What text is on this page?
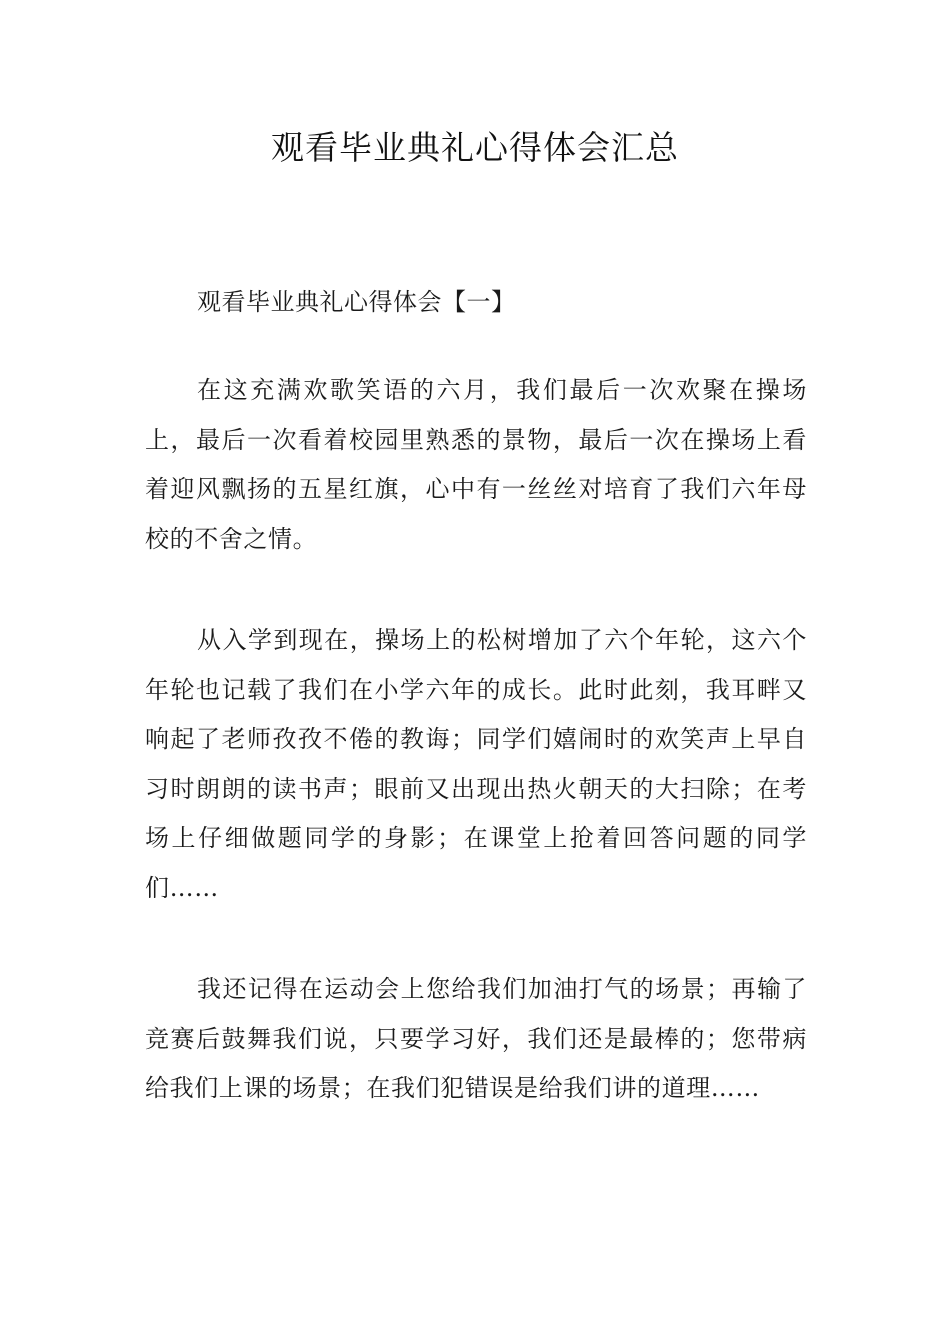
观看毕业典礼心得体会汇总

观看毕业典礼心得体会【一】

在这充满欢歌笑语的六月，我们最后一次欢聚在操场上，最后一次看着校园里熟悉的景物，最后一次在操场上看着迎风飘扬的五星红旗，心中有一丝丝对培育了我们六年母校的不舍之情。

从入学到现在，操场上的松树增加了六个年轮，这六个年轮也记载了我们在小学六年的成长。此时此刻，我耳畔又响起了老师孜孜不倦的教诲；同学们嬉闹时的欢笑声上早自习时朗朗的读书声；眼前又出现出热火朝天的大扫除；在考场上仔细做题同学的身影；在课堂上抢着回答问题的同学们……

我还记得在运动会上您给我们加油打气的场景；再输了竞赛后鼓舞我们说，只要学习好，我们还是最棒的；您带病给我们上课的场景；在我们犯错误是给我们讲的道理……
